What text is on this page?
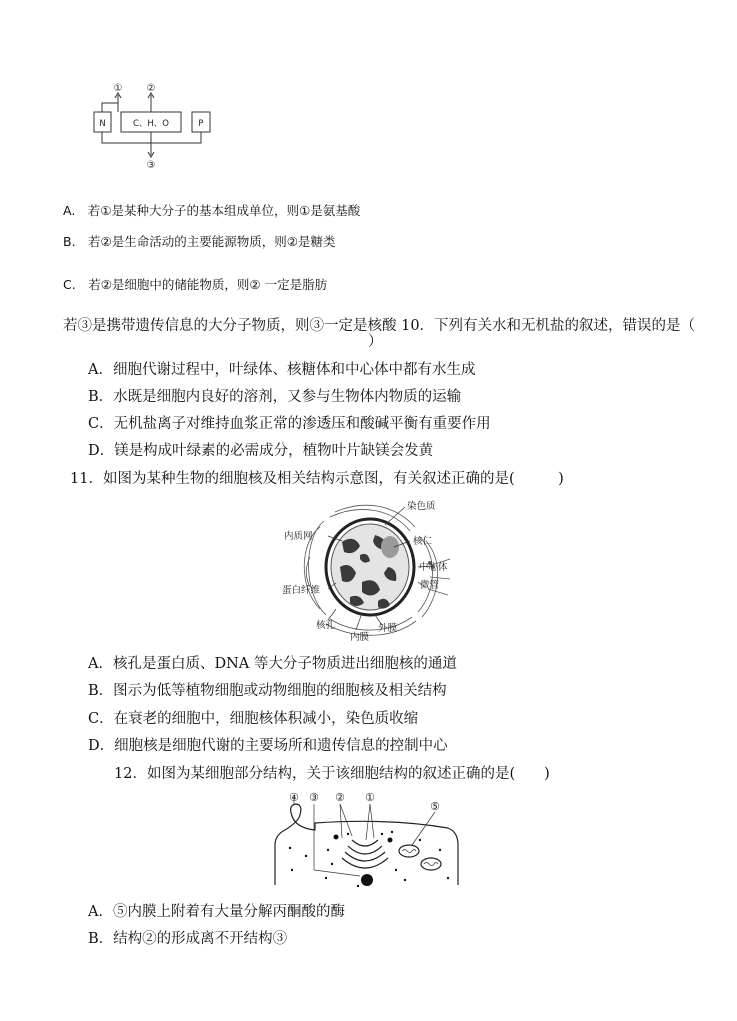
N	C、H、O	P
① ②
③
A.　若①是某种大分子的基本组成单位，则①是氨基酸
B.　若②是生命活动的主要能源物质，则②是糖类
C.　若②是细胞中的储能物质，则② 一定是脂肪
若③是携带遗传信息的大分子物质，则③一定是核酸 10．下列有关水和无机盐的叙述，错误的是（
）
A．细胞代谢过程中，叶绿体、核糖体和中心体中都有水生成
B．水既是细胞内良好的溶剂，又参与生物体内物质的运输
C．无机盐离子对维持血浆正常的渗透压和酸碱平衡有重要作用
D．镁是构成叶绿素的必需成分，植物叶片缺镁会发黄
11．如图为某种生物的细胞核及相关结构示意图，有关叙述正确的是(　　　)
染色质
内质网	核仁
中心体
蛋白纤维	微管
核孔	外膜
内膜
A．核孔是蛋白质、DNA 等大分子物质进出细胞核的通道
B．图示为低等植物细胞或动物细胞的细胞核及相关结构
C．在衰老的细胞中，细胞核体积减小，染色质收缩
D．细胞核是细胞代谢的主要场所和遗传信息的控制中心
12．如图为某细胞部分结构，关于该细胞结构的叙述正确的是(　　)
④ ③ ② ①
⑤
A．⑤内膜上附着有大量分解丙酮酸的酶
B．结构②的形成离不开结构③
